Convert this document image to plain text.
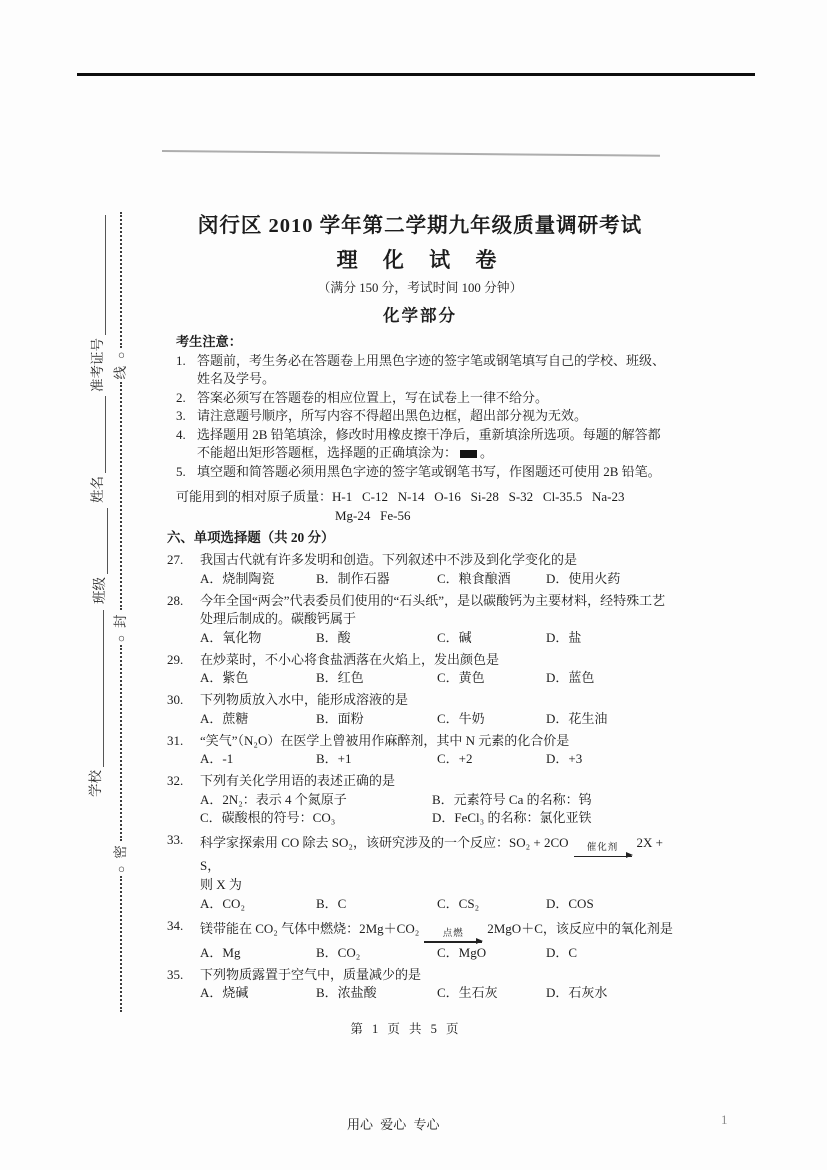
○
密
○
封
线
○
准考证号
姓名
班级
学校
闵行区 2010 学年第二学期九年级质量调研考试
理 化 试 卷
（满分 150 分，考试时间 100 分钟）
化学部分
考生注意：
1. 答题前，考生务必在答题卷上用黑色字迹的签字笔或钢笔填写自己的学校、班级、姓名及学号。
2. 答案必须写在答题卷的相应位置上，写在试卷上一律不给分。
3. 请注意题号顺序，所写内容不得超出黑色边框，超出部分视为无效。
4. 选择题用 2B 铅笔填涂，修改时用橡皮擦干净后，重新填涂所选项。每题的解答都不能超出矩形答题框，选择题的正确填涂为： 。
5. 填空题和简答题必须用黑色字迹的签字笔或钢笔书写，作图题还可使用 2B 铅笔。
可能用到的相对原子质量：H-1   C-12   N-14   O-16   Si-28   S-32   Cl-35.5   Na-23
Mg-24   Fe-56
六、单项选择题（共 20 分）
27. 我国古代就有许多发明和创造。下列叙述中不涉及到化学变化的是
A．烧制陶瓷	B．制作石器	C．粮食酿酒	D．使用火药
28. 今年全国“两会”代表委员们使用的“石头纸”，是以碳酸钙为主要材料，经特殊工艺处理后制成的。碳酸钙属于
A．氧化物	B．酸	C．碱	D．盐
29. 在炒菜时，不小心将食盐洒落在火焰上，发出颜色是
A．紫色	B．红色	C．黄色	D．蓝色
30. 下列物质放入水中，能形成溶液的是
A．蔗糖	B．面粉	C．牛奶	D．花生油
31. “笑气”（N₂O）在医学上曾被用作麻醉剂，其中 N 元素的化合价是
A．-1	B．+1	C．+2	D．+3
32. 下列有关化学用语的表述正确的是
A．2N₂：表示 4 个氮原子	B．元素符号 Ca 的名称：钨
C．碳酸根的符号：CO₃	D．FeCl₃ 的名称：氯化亚铁
33. 科学家探索用 CO 除去 SO₂，该研究涉及的一个反应：SO₂ + 2CO 催化剂 2X + S，
则 X 为
A．CO₂	B．C	C．CS₂	D．COS
34. 镁带能在 CO₂ 气体中燃烧：2Mg＋CO₂ 点燃 2MgO＋C，该反应中的氧化剂是
A．Mg	B．CO₂	C．MgO	D．C
35. 下列物质露置于空气中，质量减少的是
A．烧碱	B．浓盐酸	C．生石灰	D．石灰水
第 1 页 共 5 页
用心  爱心  专心	1
